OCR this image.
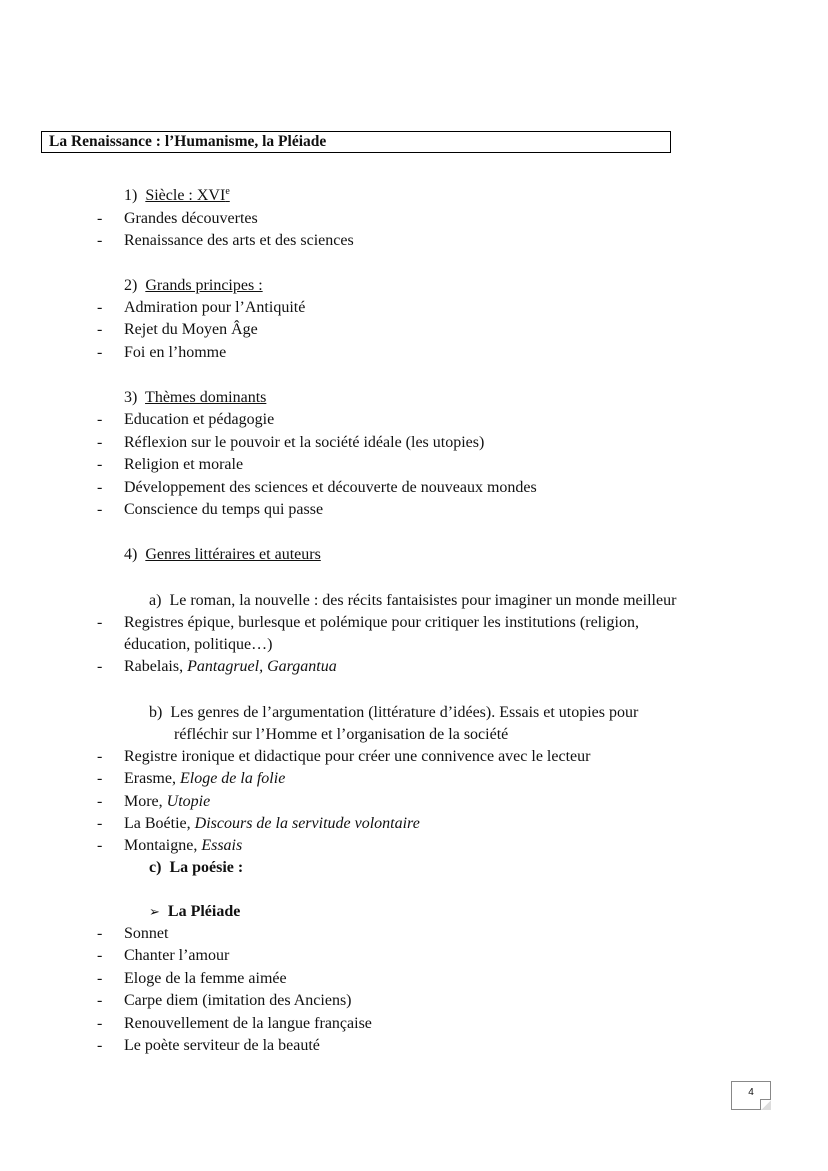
La Renaissance : l’Humanisme, la Pléiade
1) Siècle : XVIe
- Grandes découvertes
- Renaissance des arts et des sciences
2) Grands principes :
- Admiration pour l’Antiquité
- Rejet du Moyen Âge
- Foi en l’homme
3) Thèmes dominants
- Education et pédagogie
- Réflexion sur le pouvoir et la société idéale (les utopies)
- Religion et morale
- Développement des sciences et découverte de nouveaux mondes
- Conscience du temps qui passe
4) Genres littéraires et auteurs
a) Le roman, la nouvelle : des récits fantaisistes pour imaginer un monde meilleur
- Registres épique, burlesque et polémique pour critiquer les institutions (religion,
éducation, politique…)
- Rabelais, Pantagruel, Gargantua
b) Les genres de l’argumentation (littérature d’idées). Essais et utopies pour
réfléchir sur l’Homme et l’organisation de la société
- Registre ironique et didactique pour créer une connivence avec le lecteur
- Erasme, Eloge de la folie
- More, Utopie
- La Boétie, Discours de la servitude volontaire
- Montaigne, Essais
c) La poésie :
➢ La Pléiade
- Sonnet
- Chanter l’amour
- Eloge de la femme aimée
- Carpe diem (imitation des Anciens)
- Renouvellement de la langue française
- Le poète serviteur de la beauté
4
